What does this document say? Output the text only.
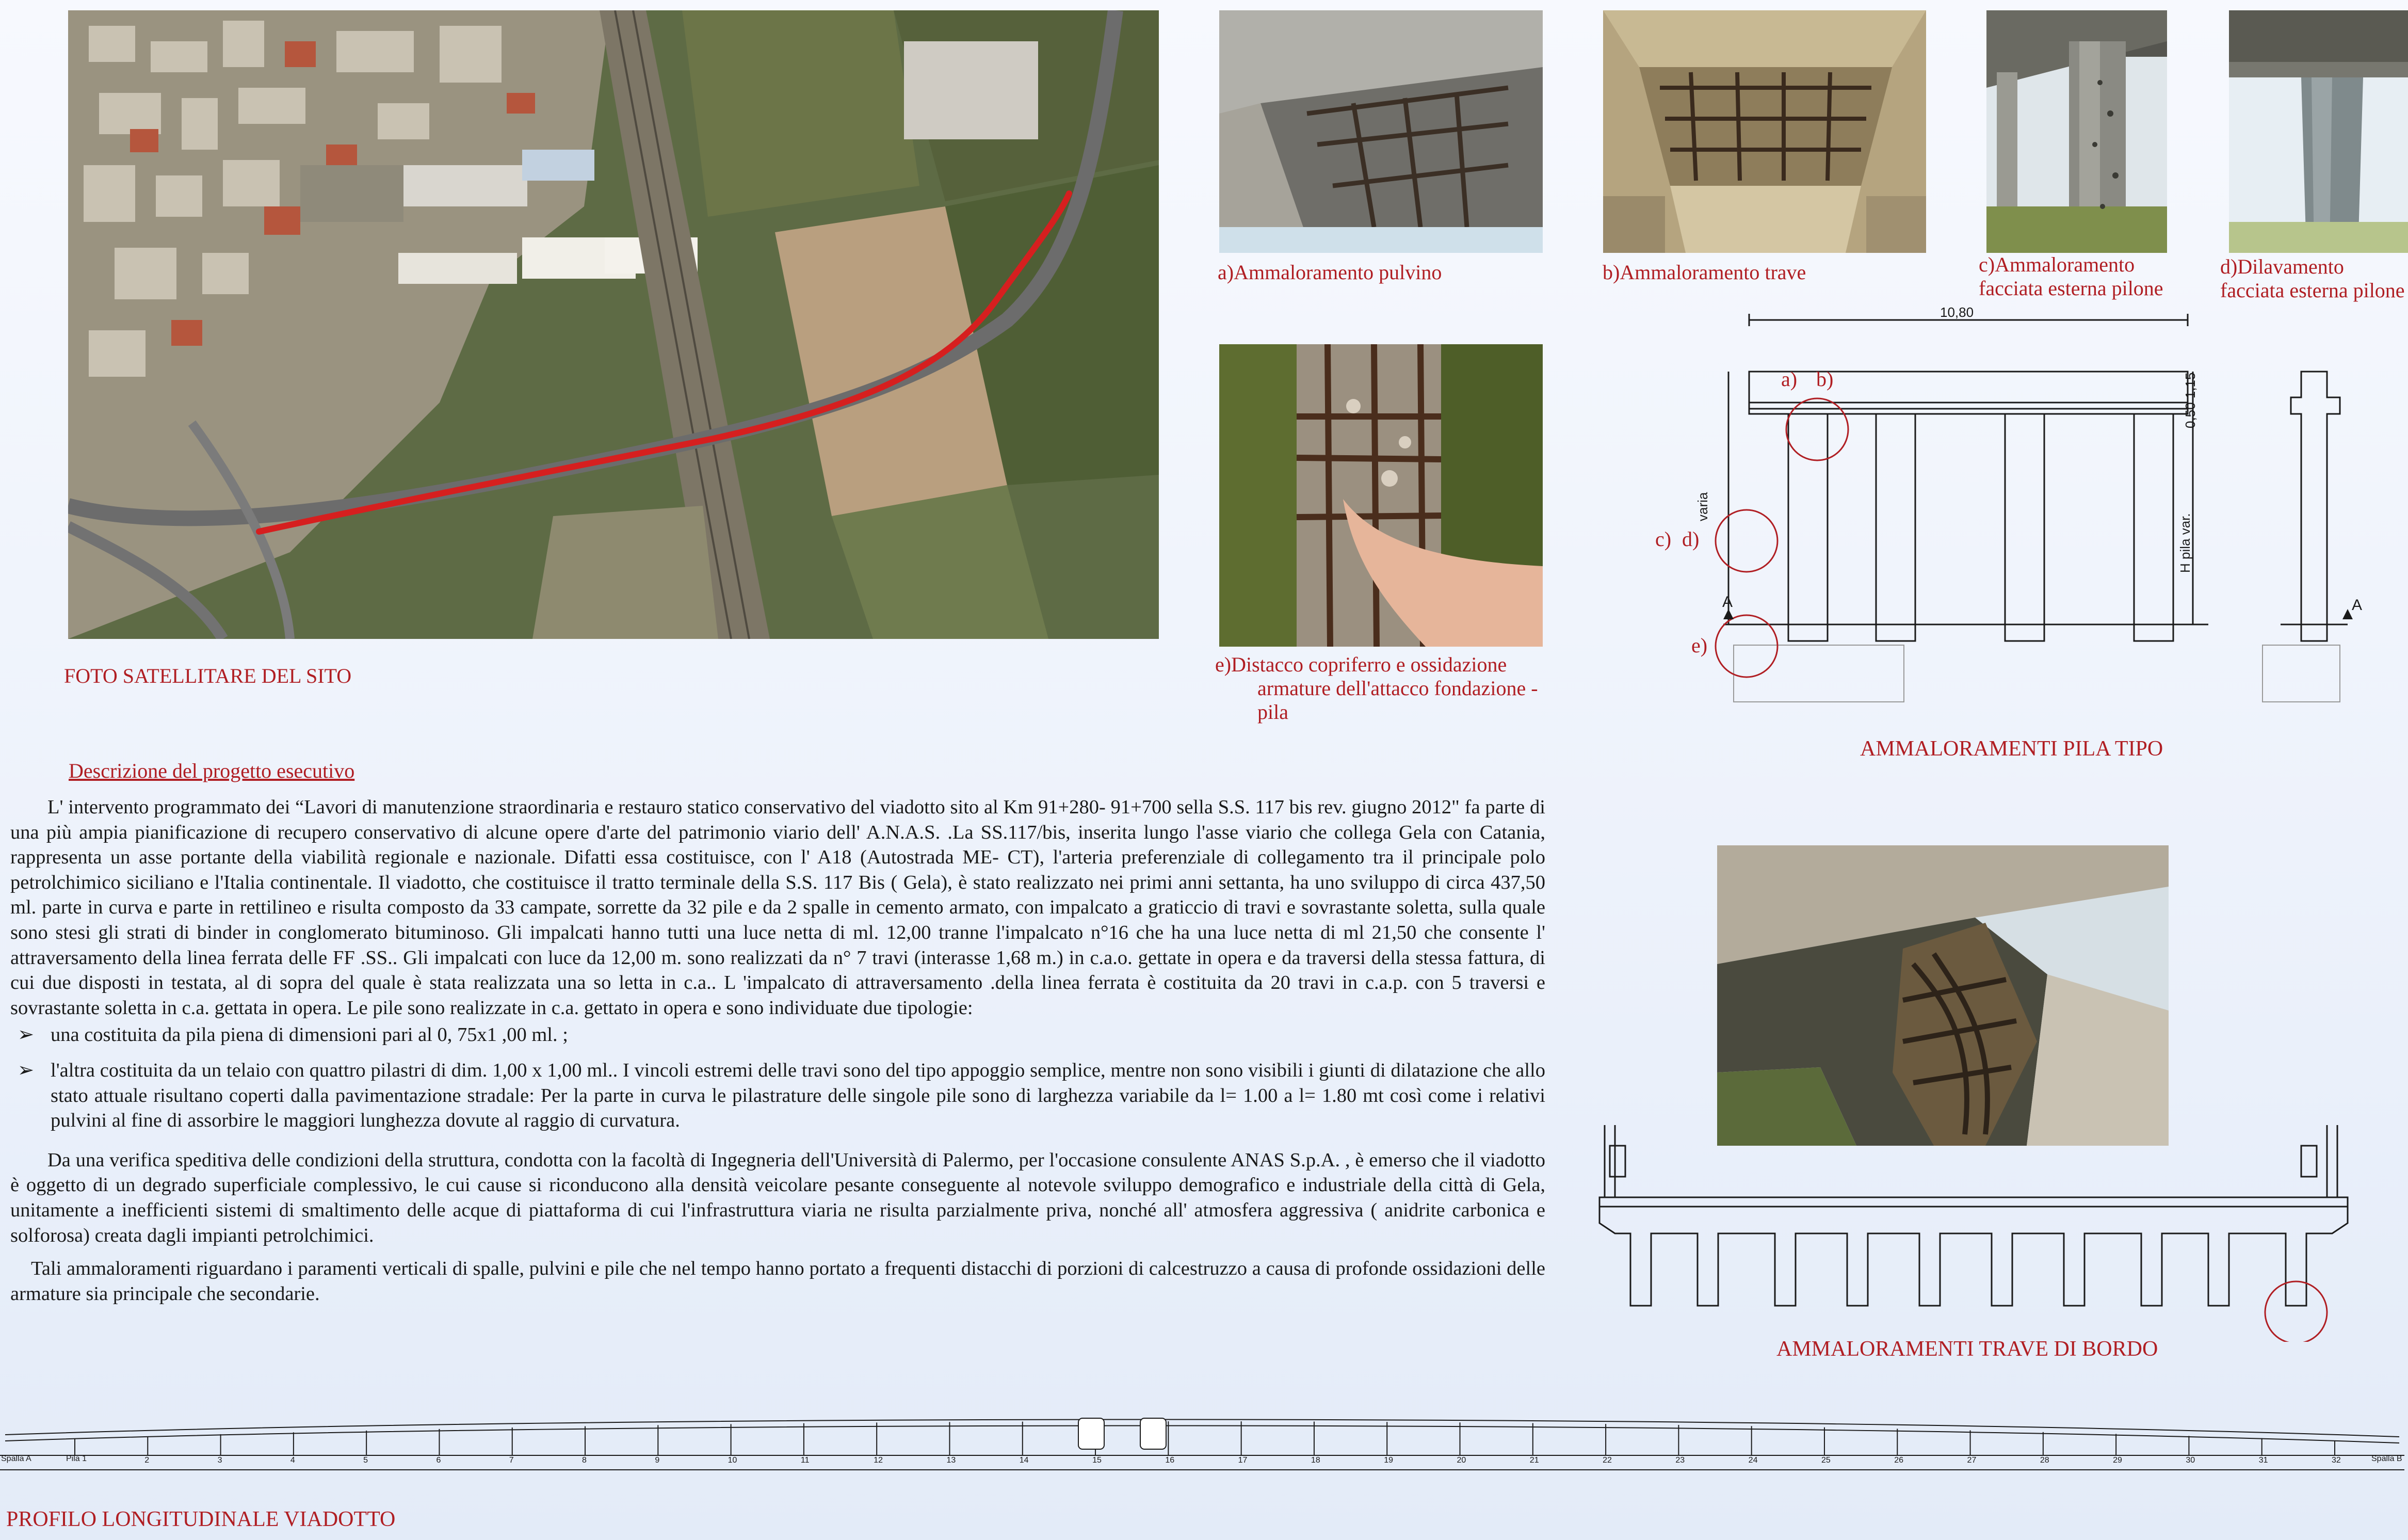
FOTO SATELLITARE DEL SITO
a)Ammaloramento pulvino	b)Ammaloramento trave	c)Ammaloramento
facciata esterna pilone
d)Dilavamento
facciata esterna pilone
e)Distacco copriferro e ossidazione
armature dell'attacco fondazione -
pila
10,80
0,50 1,15
varia
H pila var.
A	A
a) b)
c) d)
e)
AMMALORAMENTI PILA TIPO
AMMALORAMENTI TRAVE DI BORDO
Descrizione del progetto esecutivo

L' intervento programmato dei “Lavori di manutenzione straordinaria e restauro statico conservativo del viadotto sito al Km 91+280- 91+700 sella S.S. 117 bis rev. giugno 2012" fa parte di una più ampia pianificazione di recupero conservativo di alcune opere d'arte del patrimonio viario dell' A.N.A.S. .La SS.117/bis, inserita lungo l'asse viario che collega Gela con Catania, rappresenta un asse portante della viabilità regionale e nazionale. Difatti essa costituisce, con l' A18 (Autostrada ME- CT), l'arteria preferenziale di collegamento tra il principale polo petrolchimico siciliano e l'Italia continentale. Il viadotto, che costituisce il tratto terminale della S.S. 117 Bis ( Gela), è stato realizzato nei primi anni settanta, ha uno sviluppo di circa 437,50 ml. parte in curva e parte in rettilineo e risulta composto da 33 campate, sorrette da 32 pile e da 2 spalle in cemento armato, con impalcato a graticcio di travi e sovrastante soletta, sulla quale sono stesi gli strati di binder in conglomerato bituminoso. Gli impalcati hanno tutti una luce netta di ml. 12,00 tranne l'impalcato n°16 che ha una luce netta di ml 21,50 che consente l' attraversamento della linea ferrata delle FF .SS.. Gli impalcati con luce da 12,00 m. sono realizzati da n° 7 travi (interasse 1,68 m.) in c.a.o. gettate in opera e da traversi della stessa fattura, di cui due disposti in testata, al di sopra del quale è stata realizzata una so letta in c.a.. L 'impalcato di attraversamento .della linea ferrata è costituita da 20 travi in c.a.p. con 5 traversi e sovrastante soletta in c.a. gettata in opera. Le pile sono realizzate in c.a. gettato in opera e sono individuate due tipologie:

➢ una costituita da pila piena di dimensioni pari al 0, 75x1 ,00 ml. ;
➢ l'altra costituita da un telaio con quattro pilastri di dim. 1,00 x 1,00 ml.. I vincoli estremi delle travi sono del tipo appoggio semplice, mentre non sono visibili i giunti di dilatazione che allo stato attuale risultano coperti dalla pavimentazione stradale: Per la parte in curva le pilastrature delle singole pile sono di larghezza variabile da l= 1.00 a l= 1.80 mt così come i relativi pulvini al fine di assorbire le maggiori lunghezza dovute al raggio di curvatura.

Da una verifica speditiva delle condizioni della struttura, condotta con la facoltà di Ingegneria dell'Università di Palermo, per l'occasione consulente ANAS S.p.A. , è emerso che il viadotto è oggetto di un degrado superficiale complessivo, le cui cause si riconducono alla densità veicolare pesante conseguente al notevole sviluppo demografico e industriale della città di Gela, unitamente a inefficienti sistemi di smaltimento delle acque di piattaforma di cui l'infrastruttura viaria ne risulta parzialmente priva, nonché all' atmosfera aggressiva ( anidrite carbonica e solforosa) creata dagli impianti petrolchimici.

Tali ammaloramenti riguardano i paramenti verticali di spalle, pulvini e pile che nel tempo hanno portato a frequenti distacchi di porzioni di calcestruzzo a causa di profonde ossidazioni delle armature sia principale che secondarie.

2	3	4	5	6	7	8	9	10	11	12	13	14	15	16	17	18	19	20	21	22	23	24	25	26	27	28	29	30	31	32
Spalla A	Pila 1	Spalla B
PROFILO LONGITUDINALE VIADOTTO
